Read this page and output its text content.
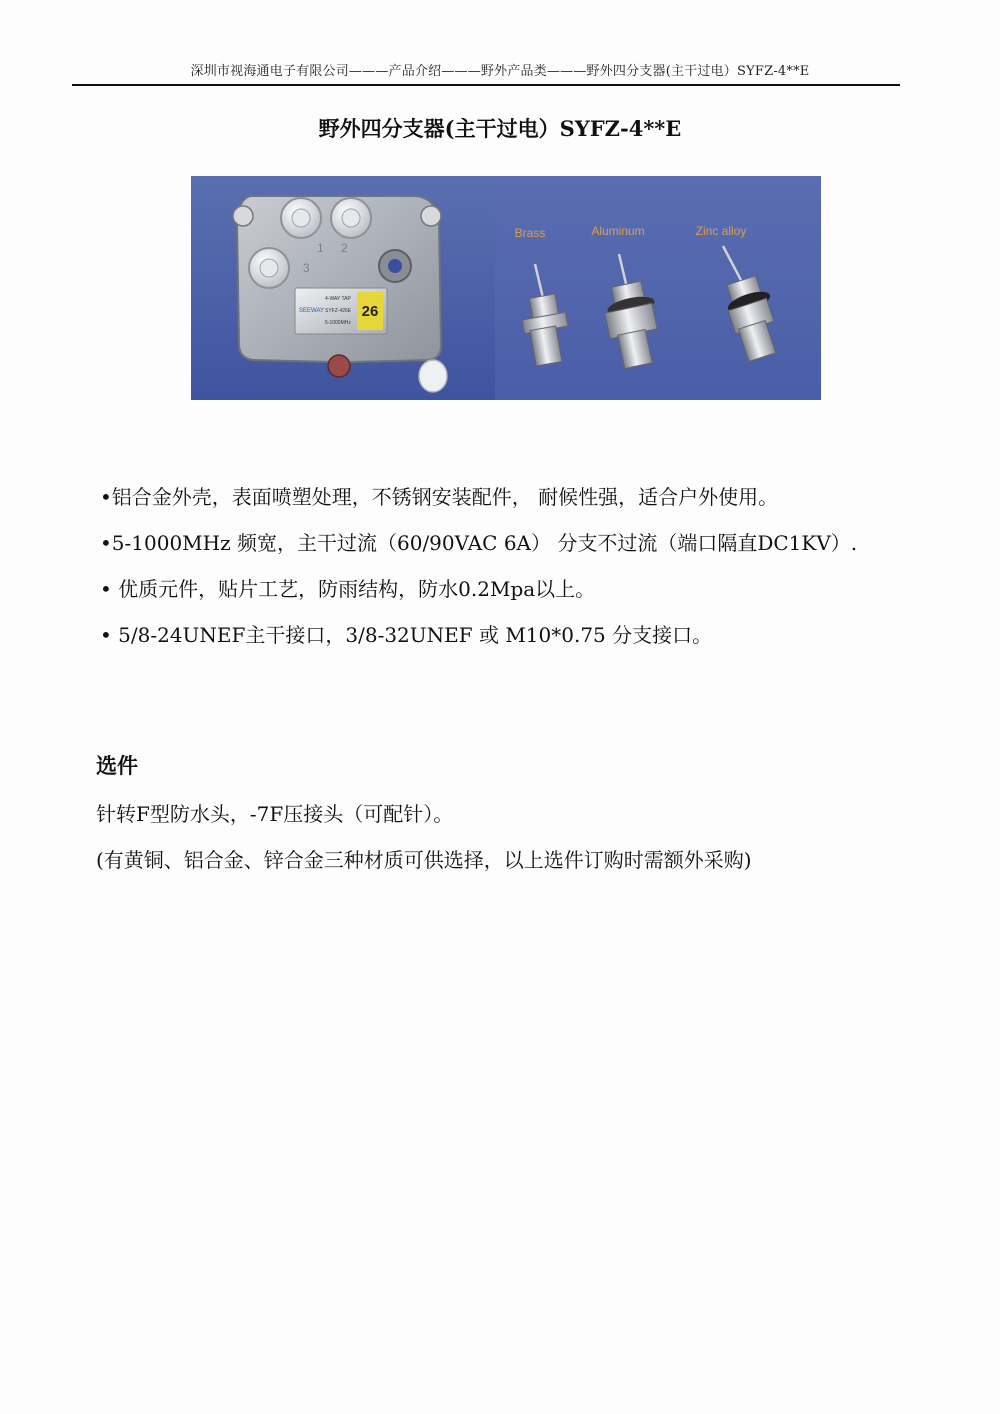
深圳市视海通电子有限公司———产品介绍———野外产品类———野外四分支器(主干过电）SYFZ-4**E
野外四分支器(主干过电）SYFZ-4**E
1 2
3
26
SEEWAY
4-WAY TAP
SYFZ-426E
5-1000MHz
Brass	Aluminum	Zinc alloy
•铝合金外壳，表面喷塑处理，不锈钢安装配件， 耐候性强，适合户外使用。
•5-1000MHz 频宽，主干过流（60/90VAC 6A） 分支不过流（端口隔直DC1KV）.
• 优质元件，贴片工艺，防雨结构，防水0.2Mpa以上。
• 5/8-24UNEF主干接口，3/8-32UNEF 或 M10*0.75 分支接口。
选件
针转F型防水头，-7F压接头（可配针）。
(有黄铜、铝合金、锌合金三种材质可供选择，以上选件订购时需额外采购)
